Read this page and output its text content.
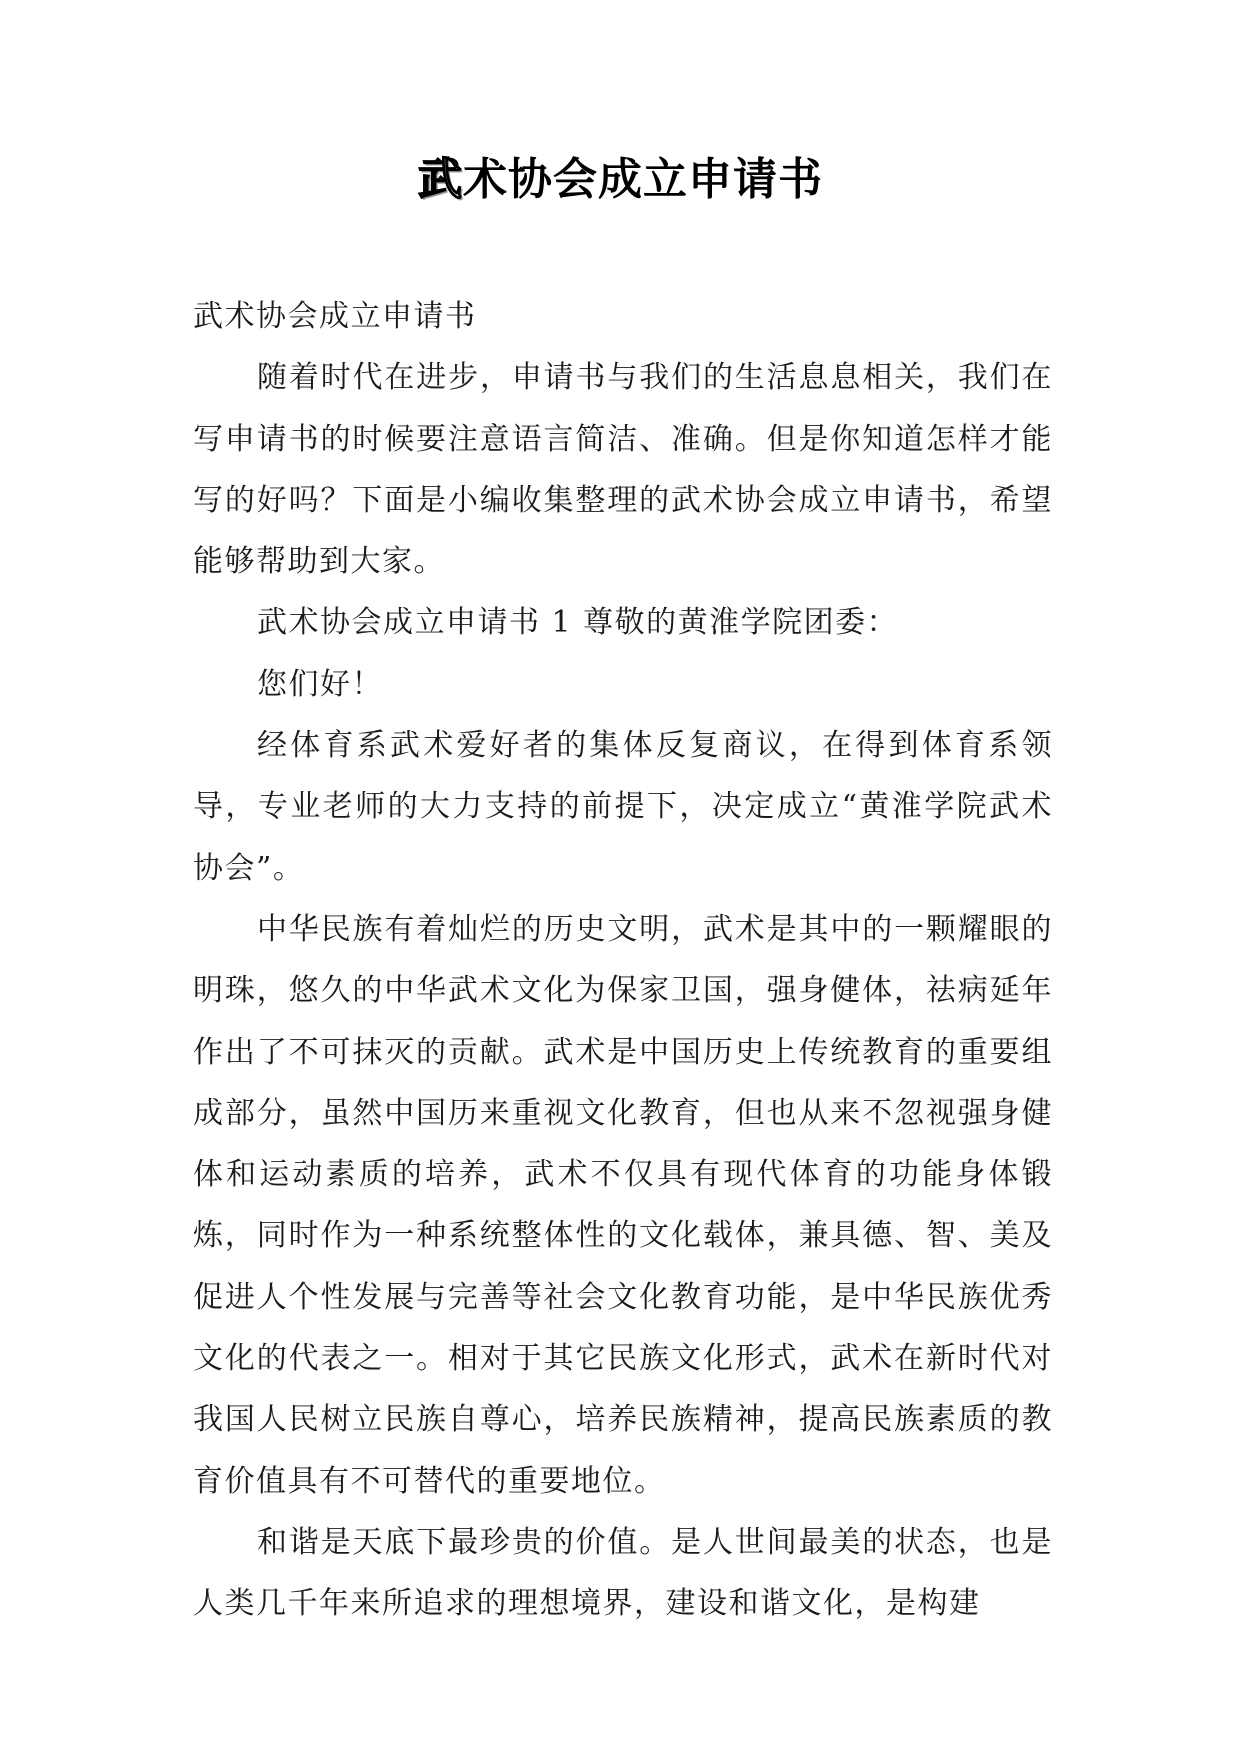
武术协会成立申请书

武术协会成立申请书

随着时代在进步，申请书与我们的生活息息相关，我们在写申请书的时候要注意语言简洁、准确。但是你知道怎样才能写的好吗？下面是小编收集整理的武术协会成立申请书，希望能够帮助到大家。

武术协会成立申请书 1 尊敬的黄淮学院团委：

您们好！

经体育系武术爱好者的集体反复商议，在得到体育系领导，专业老师的大力支持的前提下，决定成立“黄淮学院武术协会”。

中华民族有着灿烂的历史文明，武术是其中的一颗耀眼的明珠，悠久的中华武术文化为保家卫国，强身健体，祛病延年作出了不可抹灭的贡献。武术是中国历史上传统教育的重要组成部分，虽然中国历来重视文化教育，但也从来不忽视强身健体和运动素质的培养，武术不仅具有现代体育的功能身体锻炼，同时作为一种系统整体性的文化载体，兼具德、智、美及促进人个性发展与完善等社会文化教育功能，是中华民族优秀文化的代表之一。相对于其它民族文化形式，武术在新时代对我国人民树立民族自尊心，培养民族精神，提高民族素质的教育价值具有不可替代的重要地位。

和谐是天底下最珍贵的价值。是人世间最美的状态，也是人类几千年来所追求的理想境界，建设和谐文化，是构建
